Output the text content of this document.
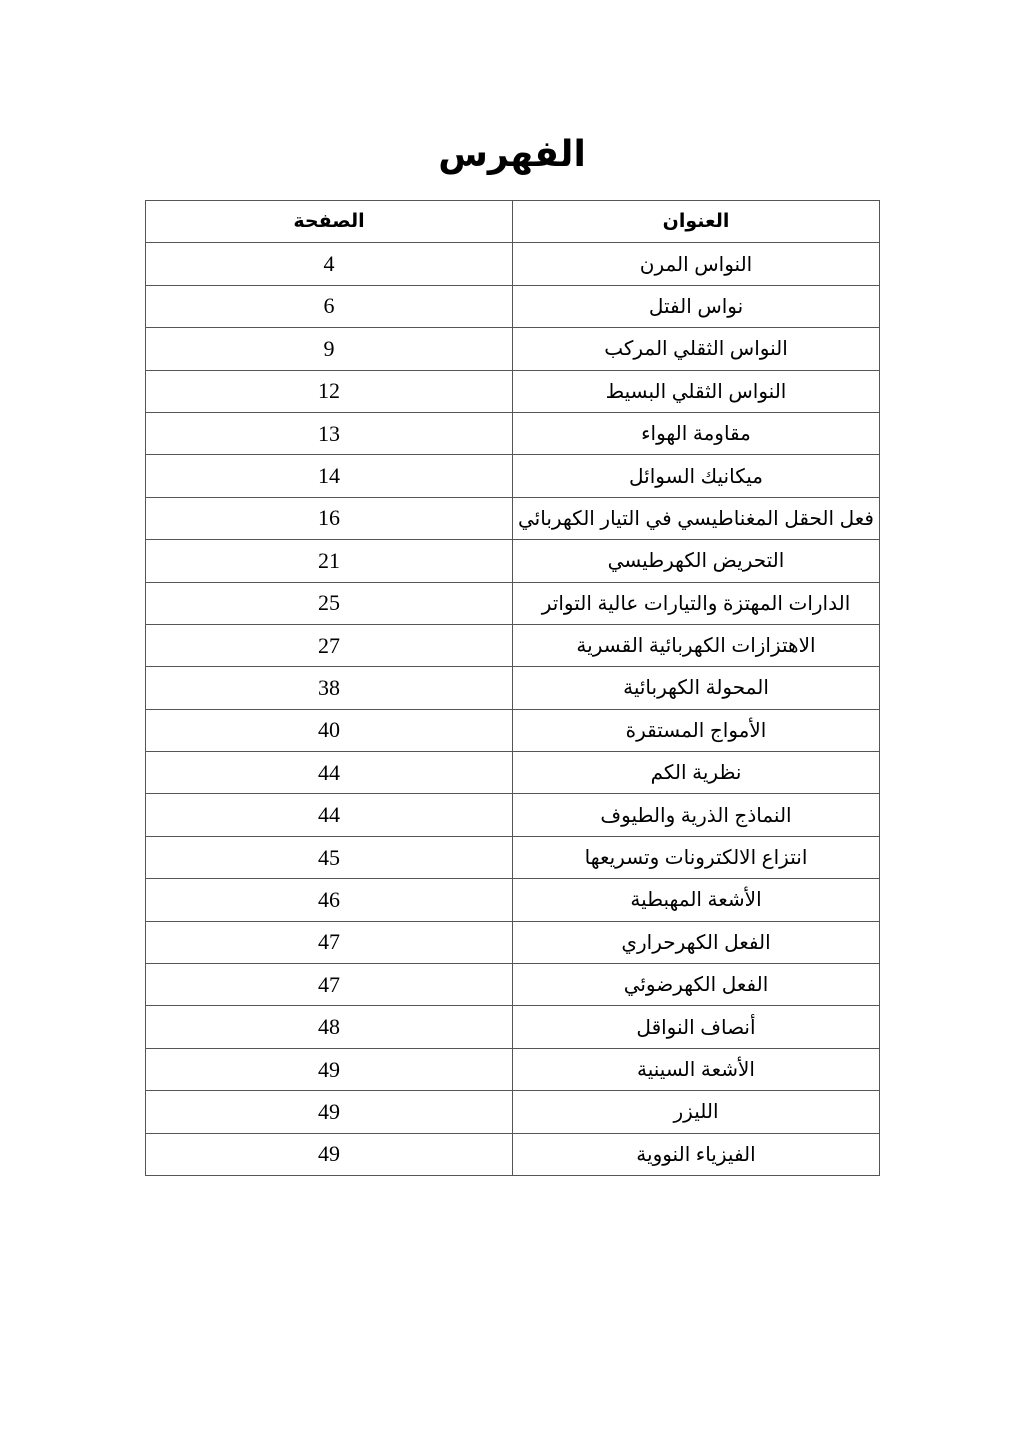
الفهرس
العنوان	الصفحة
النواس المرن	4
نواس الفتل	6
النواس الثقلي المركب	9
النواس الثقلي البسيط	12
مقاومة الهواء	13
ميكانيك السوائل	14
فعل الحقل المغناطيسي في التيار الكهربائي	16
التحريض الكهرطيسي	21
الدارات المهتزة والتيارات عالية التواتر	25
الاهتزازات الكهربائية القسرية	27
المحولة الكهربائية	38
الأمواج المستقرة	40
نظرية الكم	44
النماذج الذرية والطيوف	44
انتزاع الالكترونات وتسريعها	45
الأشعة المهبطية	46
الفعل الكهرحراري	47
الفعل الكهرضوئي	47
أنصاف النواقل	48
الأشعة السينية	49
الليزر	49
الفيزياء النووية	49
